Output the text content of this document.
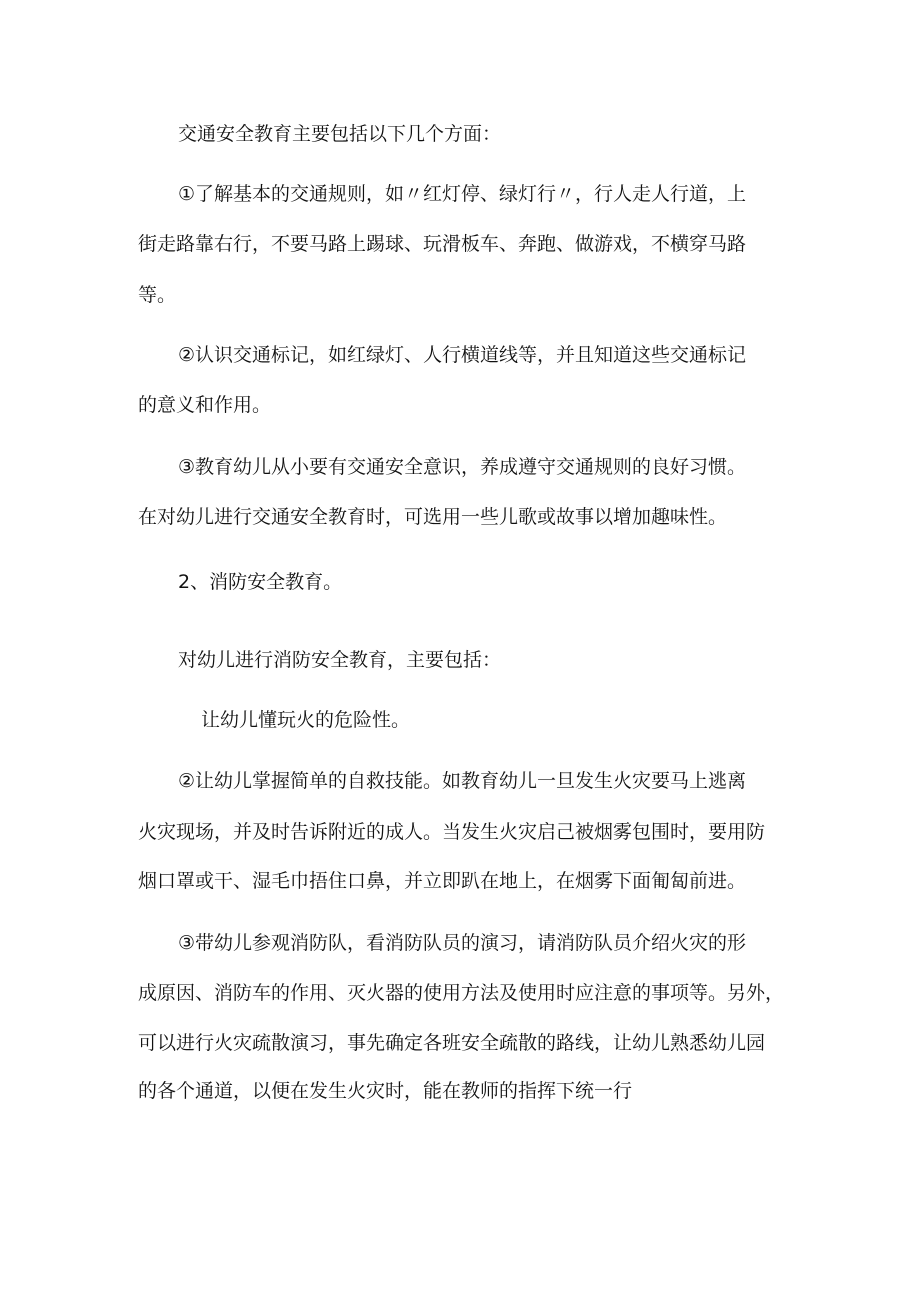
交通安全教育主要包括以下几个方面：

①了解基本的交通规则，如〃红灯停、绿灯行〃，行人走人行道，上

街走路靠右行，不要马路上踢球、玩滑板车、奔跑、做游戏，不横穿马路

等。

②认识交通标记，如红绿灯、人行横道线等，并且知道这些交通标记

的意义和作用。

③教育幼儿从小要有交通安全意识，养成遵守交通规则的良好习惯。

在对幼儿进行交通安全教育时，可选用一些儿歌或故事以增加趣味性。

2、消防安全教育。

对幼儿进行消防安全教育，主要包括：

让幼儿懂玩火的危险性。

②让幼儿掌握简单的自救技能。如教育幼儿一旦发生火灾要马上逃离

火灾现场，并及时告诉附近的成人。当发生火灾启己被烟雾包围时，要用防

烟口罩或干、湿毛巾捂住口鼻，并立即趴在地上，在烟雾下面匍匐前进。

③带幼儿参观消防队，看消防队员的演习，请消防队员介绍火灾的形

成原因、消防车的作用、灭火器的使用方法及使用时应注意的事项等。另外，

可以进行火灾疏散演习，事先确定各班安全疏散的路线，让幼儿熟悉幼儿园

的各个通道，以便在发生火灾时，能在教师的指挥下统一行
